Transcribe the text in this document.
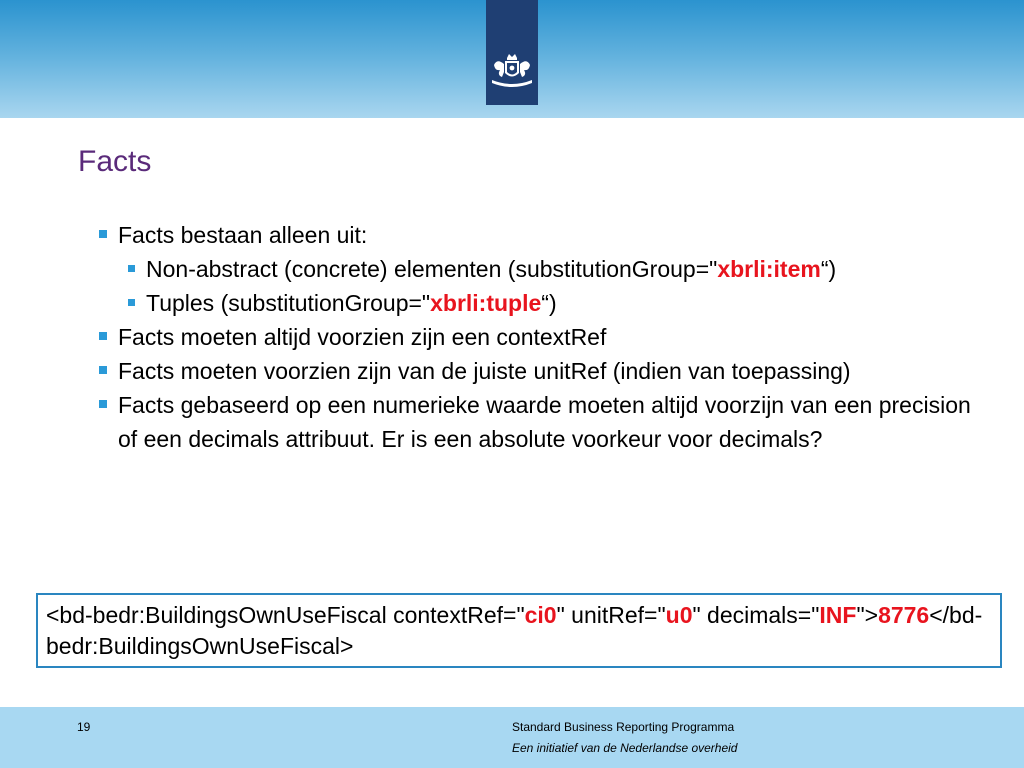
Facts
Facts bestaan alleen uit:
Non-abstract (concrete) elementen (substitutionGroup="xbrli:item“)
Tuples (substitutionGroup="xbrli:tuple“)
Facts moeten altijd voorzien zijn een contextRef
Facts moeten voorzien zijn van de juiste unitRef (indien van toepassing)
Facts gebaseerd op een numerieke waarde moeten altijd voorzijn van een precision of een decimals attribuut. Er is een absolute voorkeur voor decimals?
<bd-bedr:BuildingsOwnUseFiscal contextRef="ci0" unitRef="u0" decimals="INF">8776</bd-bedr:BuildingsOwnUseFiscal>
19	Standard Business Reporting Programma
Een initiatief van de Nederlandse overheid
